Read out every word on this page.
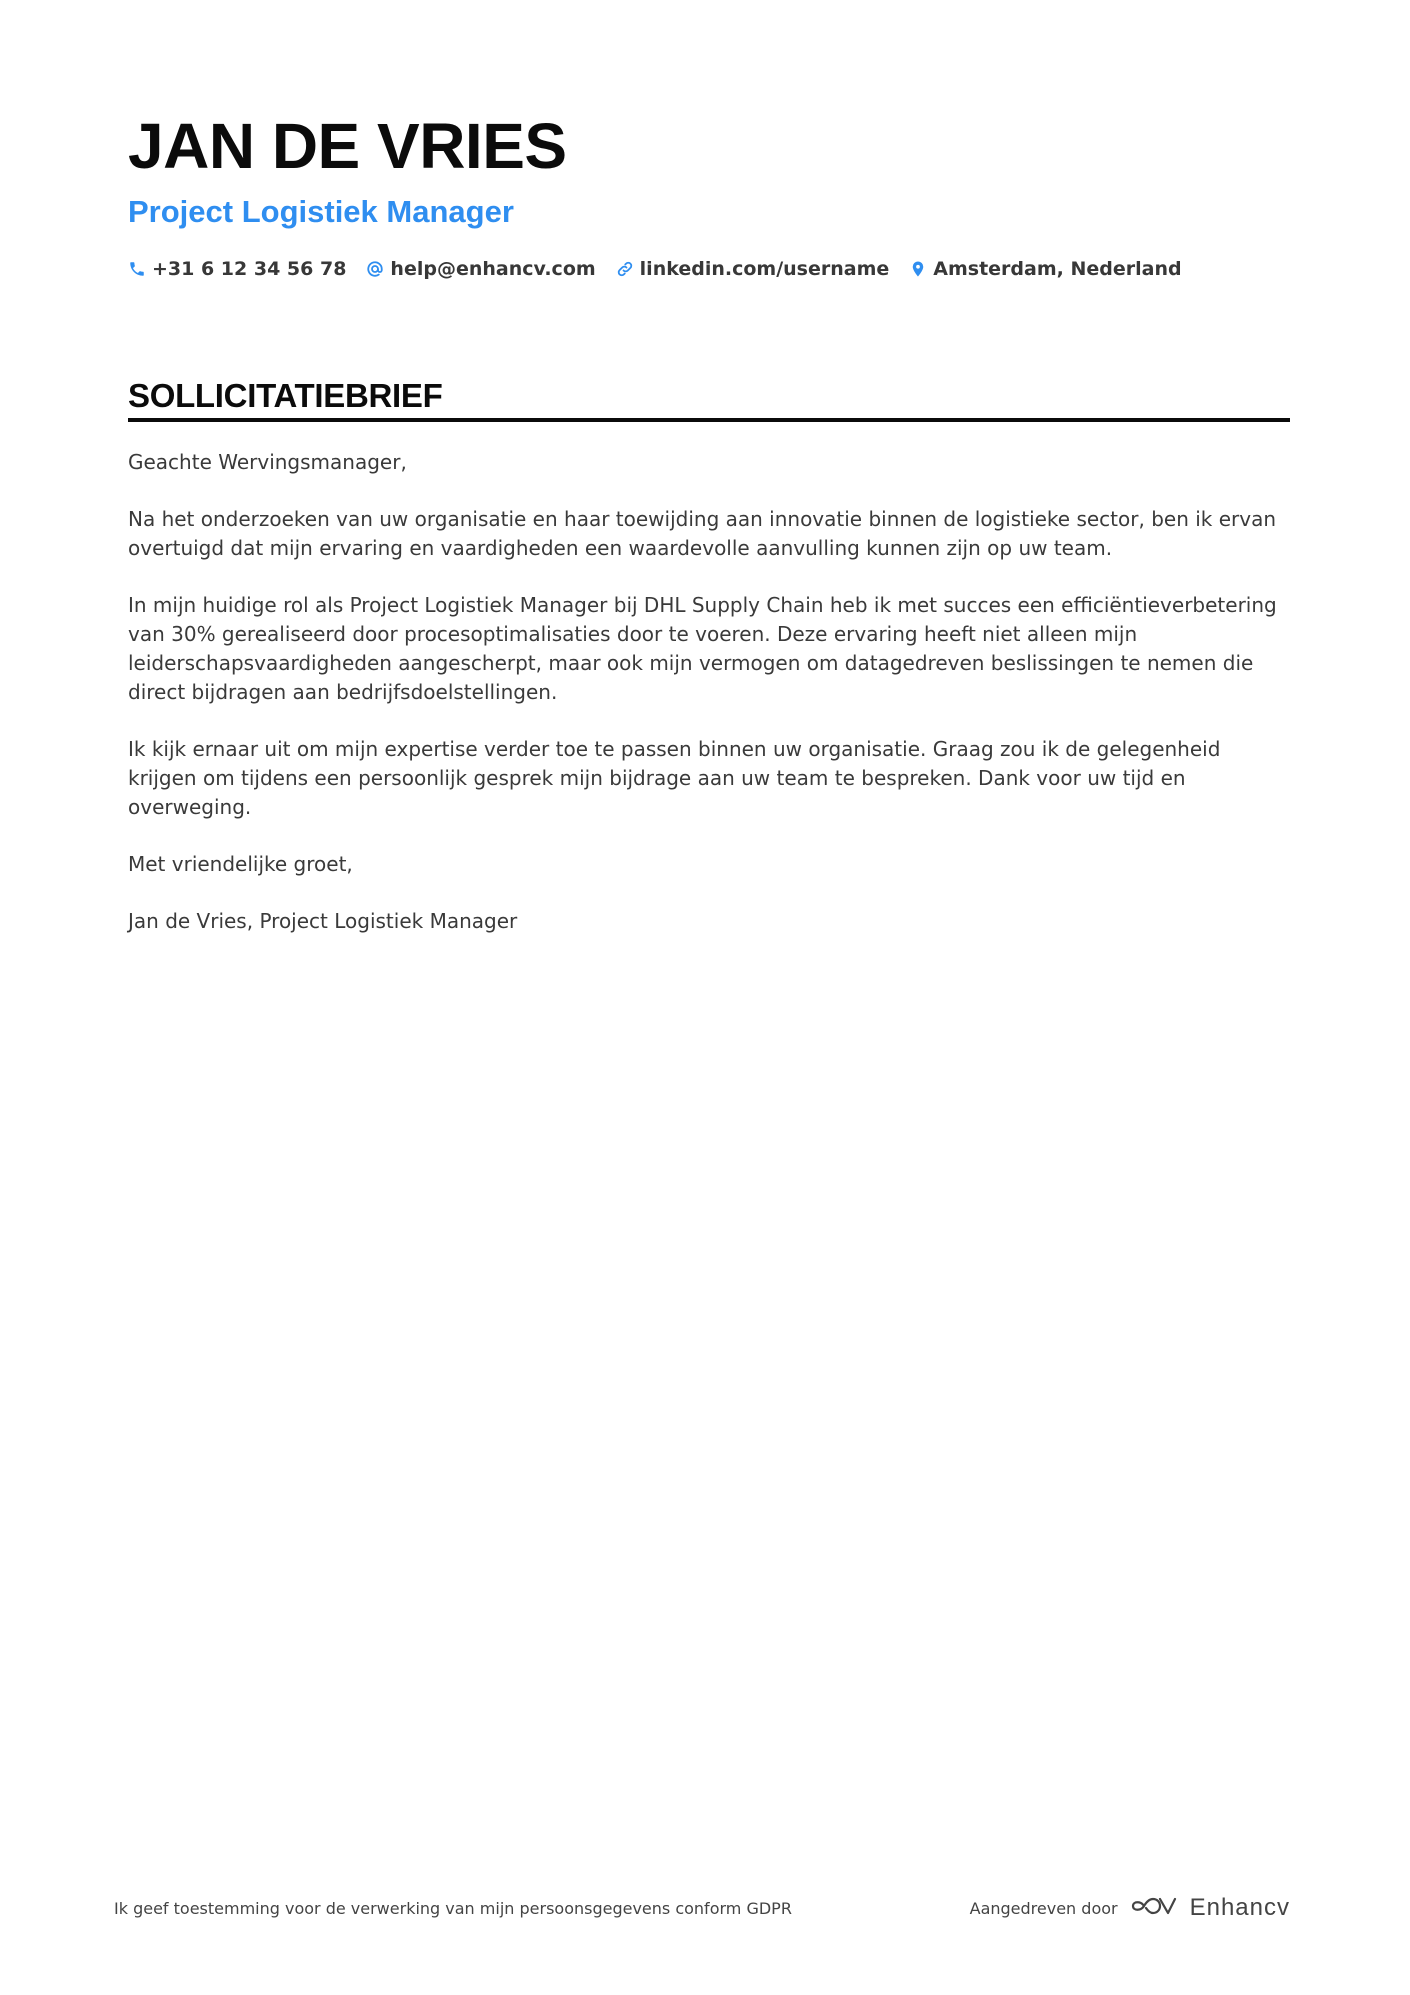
JAN DE VRIES
Project Logistiek Manager
+31 6 12 34 56 78 help@enhancv.com linkedin.com/username Amsterdam, Nederland
SOLLICITATIEBRIEF

Geachte Wervingsmanager,

Na het onderzoeken van uw organisatie en haar toewijding aan innovatie binnen de logistieke sector, ben ik ervan overtuigd dat mijn ervaring en vaardigheden een waardevolle aanvulling kunnen zijn op uw team.

In mijn huidige rol als Project Logistiek Manager bij DHL Supply Chain heb ik met succes een efficiëntieverbetering van 30% gerealiseerd door procesoptimalisaties door te voeren. Deze ervaring heeft niet alleen mijn leiderschapsvaardigheden aangescherpt, maar ook mijn vermogen om datagedreven beslissingen te nemen die direct bijdragen aan bedrijfsdoelstellingen.

Ik kijk ernaar uit om mijn expertise verder toe te passen binnen uw organisatie. Graag zou ik de gelegenheid krijgen om tijdens een persoonlijk gesprek mijn bijdrage aan uw team te bespreken. Dank voor uw tijd en overweging.

Met vriendelijke groet,

Jan de Vries, Project Logistiek Manager

Ik geef toestemming voor de verwerking van mijn persoonsgegevens conform GDPR	Aangedreven door	Enhancv
